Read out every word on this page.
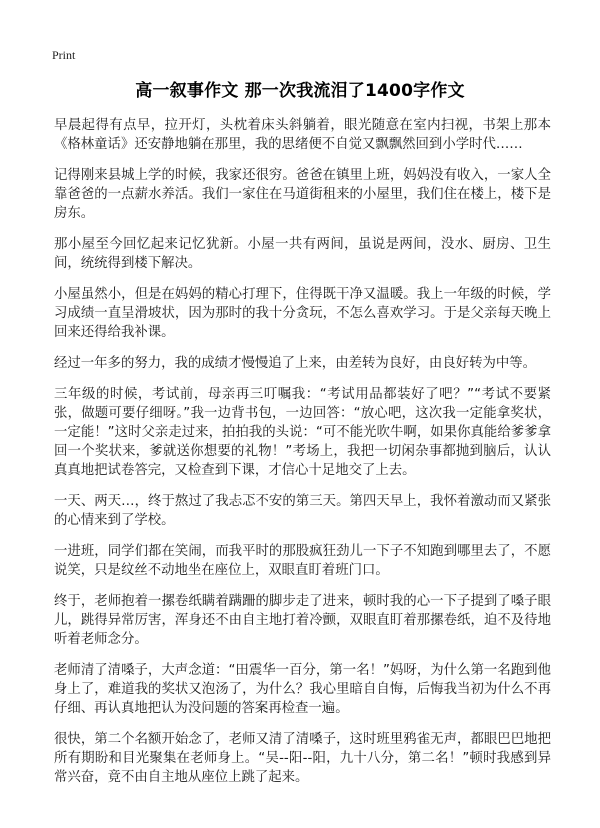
Print
高一叙事作文 那一次我流泪了1400字作文

早晨起得有点早，拉开灯，头枕着床头斜躺着，眼光随意在室内扫视，书架上那本《格林童话》还安静地躺在那里，我的思绪便不自觉又飘飘然回到小学时代……

记得刚来县城上学的时候，我家还很穷。爸爸在镇里上班，妈妈没有收入，一家人全靠爸爸的一点薪水养活。我们一家住在马道街租来的小屋里，我们住在楼上，楼下是房东。

那小屋至今回忆起来记忆犹新。小屋一共有两间，虽说是两间，没水、厨房、卫生间，统统得到楼下解决。

小屋虽然小，但是在妈妈的精心打理下，住得既干净又温暖。我上一年级的时候，学习成绩一直呈滑坡状，因为那时的我十分贪玩，不怎么喜欢学习。于是父亲每天晚上回来还得给我补课。

经过一年多的努力，我的成绩才慢慢追了上来，由差转为良好，由良好转为中等。

三年级的时候，考试前，母亲再三叮嘱我：“考试用品都装好了吧？”“考试不要紧张，做题可要仔细呀。”我一边背书包，一边回答：“放心吧，这次我一定能拿奖状，一定能！”这时父亲走过来，拍拍我的头说：“可不能光吹牛啊，如果你真能给爹爹拿回一个奖状来，爹就送你想要的礼物！”考场上，我把一切闲杂事都抛到脑后，认认真真地把试卷答完，又检查到下课，才信心十足地交了上去。

一天、两天…，终于熬过了我忐忑不安的第三天。第四天早上，我怀着激动而又紧张的心情来到了学校。

一进班，同学们都在笑闹，而我平时的那股疯狂劲儿一下子不知跑到哪里去了，不愿说笑，只是纹丝不动地坐在座位上，双眼直盯着班门口。

终于，老师抱着一摞卷纸瞒着蹒跚的脚步走了进来，顿时我的心一下子提到了嗓子眼儿，跳得异常厉害，浑身还不由自主地打着冷颤，双眼直盯着那摞卷纸，迫不及待地听着老师念分。

老师清了清嗓子，大声念道：“田震华一百分，第一名！”妈呀，为什么第一名跑到他身上了，难道我的奖状又泡汤了，为什么？我心里暗自自悔，后悔我当初为什么不再仔细、再认真地把认为没问题的答案再检查一遍。

很快，第二个名额开始念了，老师又清了清嗓子，这时班里鸦雀无声，都眼巴巴地把所有期盼和目光聚集在老师身上。“吴--阳--阳，九十八分，第二名！”顿时我感到异常兴奋，竟不由自主地从座位上跳了起来。
